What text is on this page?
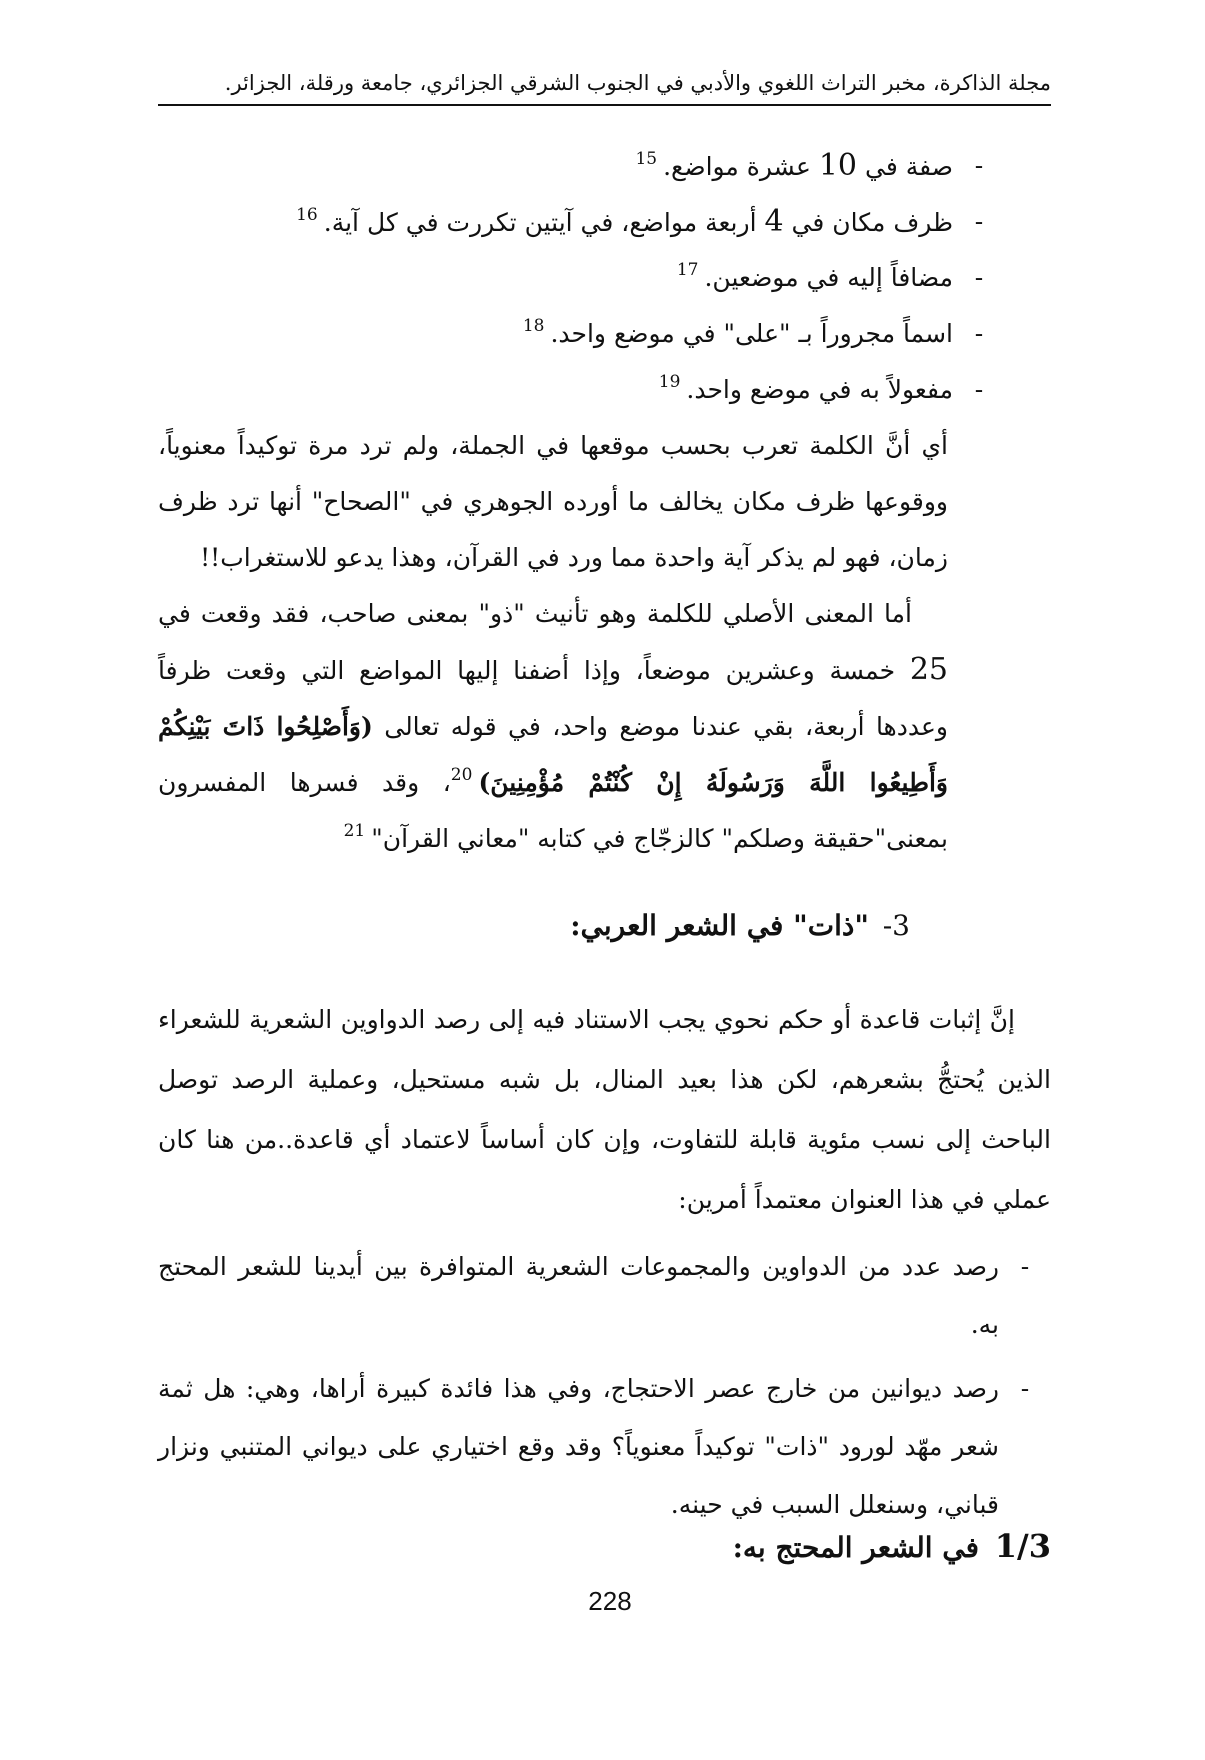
مجلة الذاكرة، مخبر التراث اللغوي والأدبي في الجنوب الشرقي الجزائري، جامعة ورقلة، الجزائر.
-
صفة في 10 عشرة مواضع.$^{15}$
-
ظرف مكان في 4 أربعة مواضع، في آيتين تكررت في كل آية.$^{16}$
-
مضافاً إليه في موضعين.$^{17}$
-
اسماً مجروراً بـ "على" في موضع واحد.$^{18}$
-
مفعولاً به في موضع واحد.$^{19}$
أي أنَّ الكلمة تعرب بحسب موقعها في الجملة، ولم ترد مرة توكيداً معنوياً، ووقوعها ظرف مكان يخالف ما أورده الجوهري في "الصحاح" أنها ترد ظرف زمان، فهو لم يذكر آية واحدة مما ورد في القرآن، وهذا يدعو للاستغراب!!
أما المعنى الأصلي للكلمة وهو تأنيث "ذو" بمعنى صاحب، فقد وقعت في 25 خمسة وعشرين موضعاً، وإذا أضفنا إليها المواضع التي وقعت ظرفاً وعددها أربعة، بقي عندنا موضع واحد، في قوله تعالى (وَأَصْلِحُوا ذَاتَ بَيْنِكُمْ وَأَطِيعُوا اللَّهَ وَرَسُولَهُ إِنْ كُنْتُمْ مُؤْمِنِينَ)$^{20}$، وقد فسرها المفسرون بمعنى"حقيقة وصلكم" كالزجّاج في كتابه "معاني القرآن"$^{21}$
3- "ذات" في الشعر العربي:
إنَّ إثبات قاعدة أو حكم نحوي يجب الاستناد فيه إلى رصد الدواوين الشعرية للشعراء الذين يُحتجُّ بشعرهم، لكن هذا بعيد المنال، بل شبه مستحيل، وعملية الرصد توصل الباحث إلى نسب مئوية قابلة للتفاوت، وإن كان أساساً لاعتماد أي قاعدة..من هنا كان عملي في هذا العنوان معتمداً أمرين:
-
رصد عدد من الدواوين والمجموعات الشعرية المتوافرة بين أيدينا للشعر المحتج به.
-
رصد ديوانين من خارج عصر الاحتجاج، وفي هذا فائدة كبيرة أراها، وهي: هل ثمة شعر مهّد لورود "ذات" توكيداً معنوياً؟ وقد وقع اختياري على ديواني المتنبي ونزار قباني، وسنعلل السبب في حينه.
1/3 في الشعر المحتج به:
228
